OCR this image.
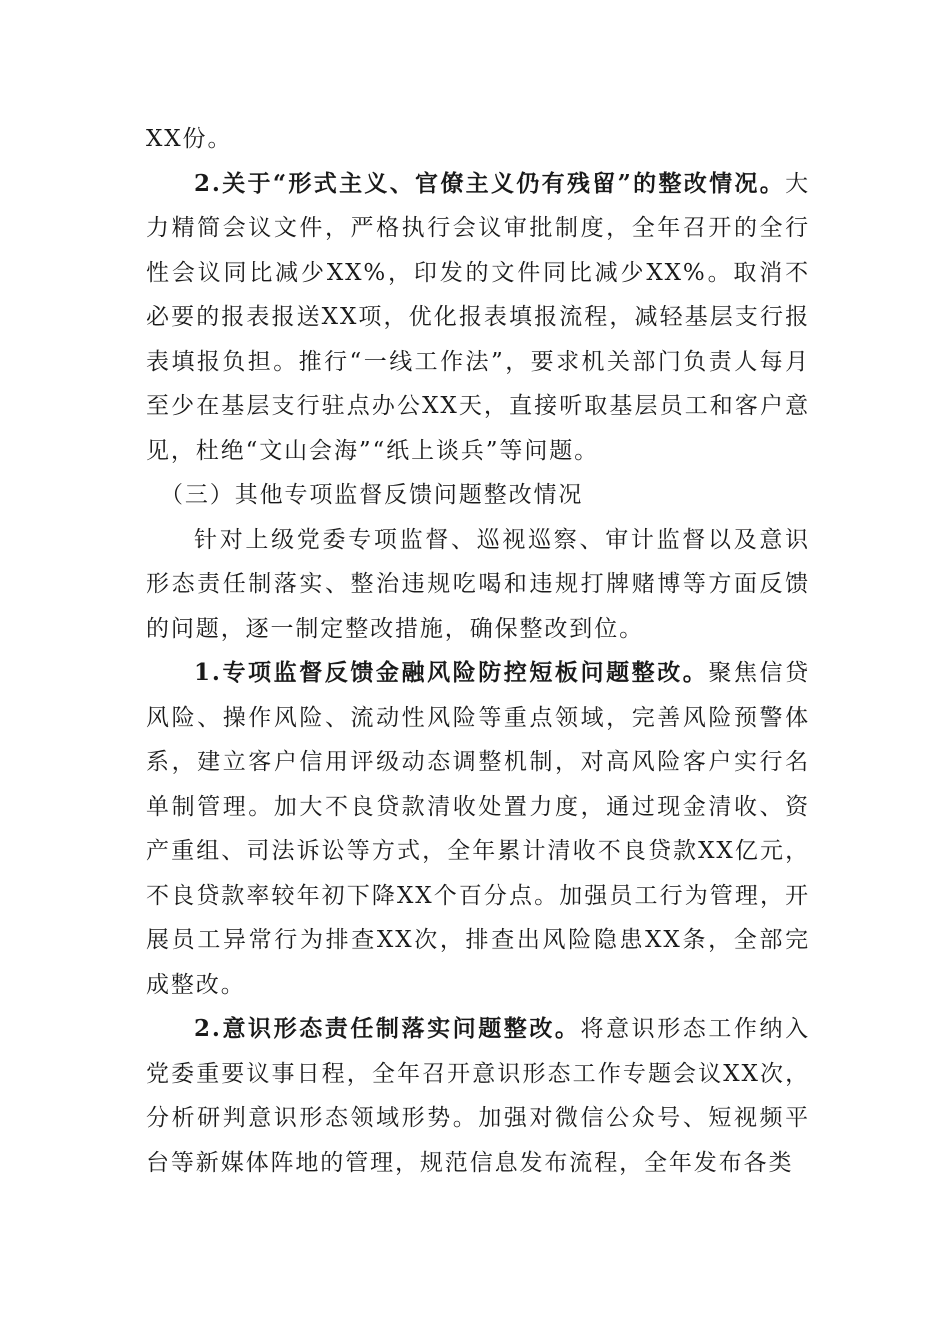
XX份。

2.关于“形式主义、官僚主义仍有残留”的整改情况。大力精简会议文件，严格执行会议审批制度，全年召开的全行性会议同比减少XX%，印发的文件同比减少XX%。取消不必要的报表报送XX项，优化报表填报流程，减轻基层支行报表填报负担。推行“一线工作法”，要求机关部门负责人每月至少在基层支行驻点办公XX天，直接听取基层员工和客户意见，杜绝“文山会海”“纸上谈兵”等问题。

（三）其他专项监督反馈问题整改情况

针对上级党委专项监督、巡视巡察、审计监督以及意识形态责任制落实、整治违规吃喝和违规打牌赌博等方面反馈的问题，逐一制定整改措施，确保整改到位。

1.专项监督反馈金融风险防控短板问题整改。聚焦信贷风险、操作风险、流动性风险等重点领域，完善风险预警体系，建立客户信用评级动态调整机制，对高风险客户实行名单制管理。加大不良贷款清收处置力度，通过现金清收、资产重组、司法诉讼等方式，全年累计清收不良贷款XX亿元，不良贷款率较年初下降XX个百分点。加强员工行为管理，开展员工异常行为排查XX次，排查出风险隐患XX条，全部完成整改。

2.意识形态责任制落实问题整改。将意识形态工作纳入党委重要议事日程，全年召开意识形态工作专题会议XX次，分析研判意识形态领域形势。加强对微信公众号、短视频平台等新媒体阵地的管理，规范信息发布流程，全年发布各类
